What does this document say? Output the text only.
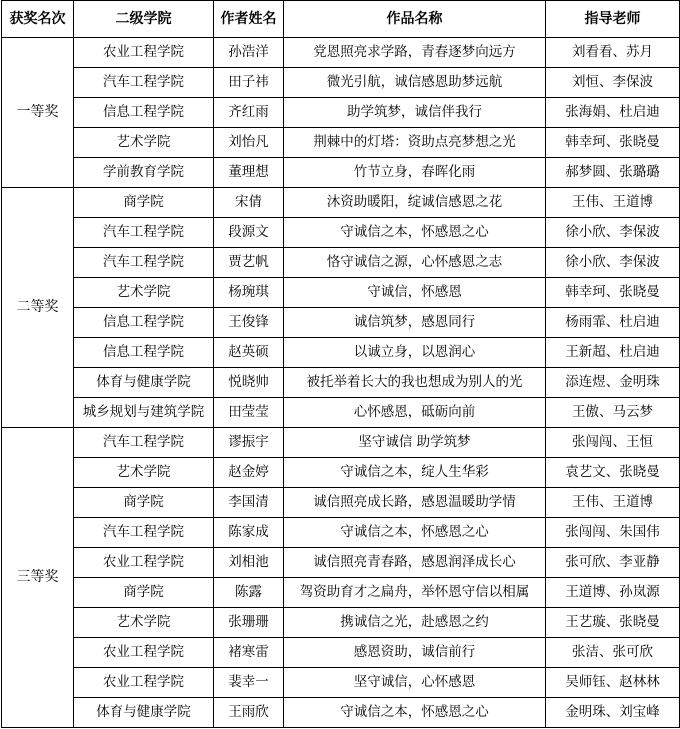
获奖名次	二级学院	作者姓名	作品名称	指导老师
一等奖	农业工程学院	孙浩洋	党恩照亮求学路，青春逐梦向远方	刘看看、苏月
	汽车工程学院	田子祎	微光引航，诚信感恩助梦远航	刘恒、李保波
	信息工程学院	齐红雨	助学筑梦，诚信伴我行	张海娟、杜启迪
	艺术学院	刘怡凡	荆棘中的灯塔：资助点亮梦想之光	韩幸珂、张晓曼
	学前教育学院	董理想	竹节立身，春晖化雨	郝梦圆、张璐璐
二等奖	商学院	宋倩	沐资助暖阳，绽诚信感恩之花	王伟、王道博
	汽车工程学院	段源文	守诚信之本，怀感恩之心	徐小欣、李保波
	汽车工程学院	贾艺帆	恪守诚信之源，心怀感恩之志	徐小欣、李保波
	艺术学院	杨琬琪	守诚信，怀感恩	韩幸珂、张晓曼
	信息工程学院	王俊锋	诚信筑梦，感恩同行	杨雨霏、杜启迪
	信息工程学院	赵英硕	以诚立身，以恩润心	王新超、杜启迪
	体育与健康学院	悦晓帅	被托举着长大的我也想成为别人的光	添连煜、金明珠
	城乡规划与建筑学院	田莹莹	心怀感恩，砥砺向前	王傲、马云梦
三等奖	汽车工程学院	谬振宇	坚守诚信 助学筑梦	张闯闯、王恒
	艺术学院	赵金婷	守诚信之本，绽人生华彩	袁艺文、张晓曼
	商学院	李国清	诚信照亮成长路，感恩温暖助学情	王伟、王道博
	汽车工程学院	陈家成	守诚信之本，怀感恩之心	张闯闯、朱国伟
	农业工程学院	刘相池	诚信照亮青春路，感恩润泽成长心	张可欣、李亚静
	商学院	陈露	驾资助育才之扁舟，举怀恩守信以相属	王道博、孙岚源
	艺术学院	张珊珊	携诚信之光，赴感恩之约	王艺璇、张晓曼
	农业工程学院	褚寒雷	感恩资助，诚信前行	张洁、张可欣
	农业工程学院	裴幸一	坚守诚信，心怀感恩	吴师钰、赵林林
	体育与健康学院	王雨欣	守诚信之本，怀感恩之心	金明珠、刘宝峰
